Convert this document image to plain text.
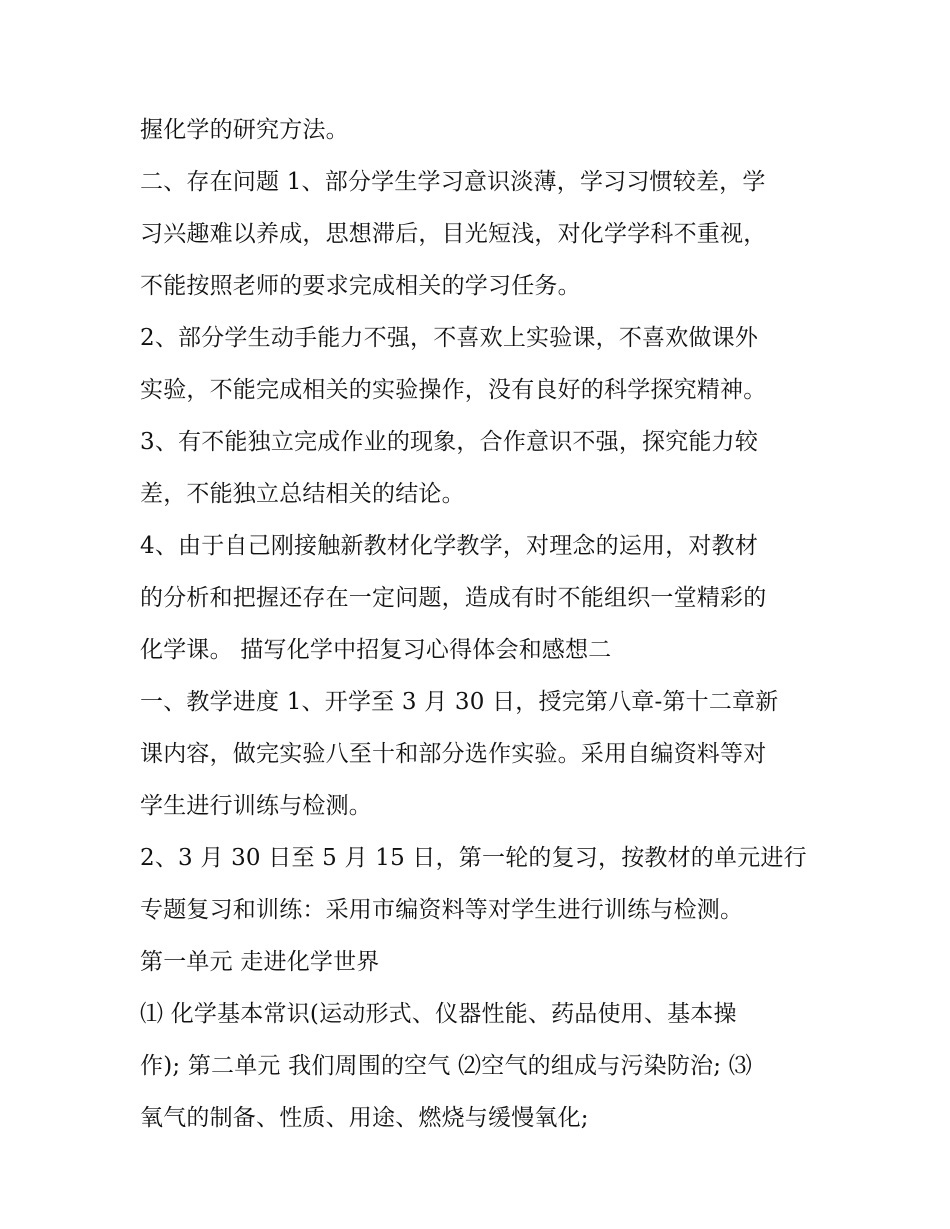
握化学的研究方法。
二、存在问题 1、部分学生学习意识淡薄，学习习惯较差，学
习兴趣难以养成，思想滞后，目光短浅，对化学学科不重视，
不能按照老师的要求完成相关的学习任务。
2、部分学生动手能力不强，不喜欢上实验课，不喜欢做课外
实验，不能完成相关的实验操作，没有良好的科学探究精神。
3、有不能独立完成作业的现象，合作意识不强，探究能力较
差，不能独立总结相关的结论。
4、由于自己刚接触新教材化学教学，对理念的运用，对教材
的分析和把握还存在一定问题，造成有时不能组织一堂精彩的
化学课。 描写化学中招复习心得体会和感想二
一、教学进度 1、开学至 3 月 30 日，授完第八章-第十二章新
课内容，做完实验八至十和部分选作实验。采用自编资料等对
学生进行训练与检测。
2、3 月 30 日至 5 月 15 日，第一轮的复习，按教材的单元进行
专题复习和训练：采用市编资料等对学生进行训练与检测。
第一单元 走进化学世界
⑴ 化学基本常识(运动形式、仪器性能、药品使用、基本操
作); 第二单元 我们周围的空气 ⑵空气的组成与污染防治; ⑶
氧气的制备、性质、用途、燃烧与缓慢氧化;
